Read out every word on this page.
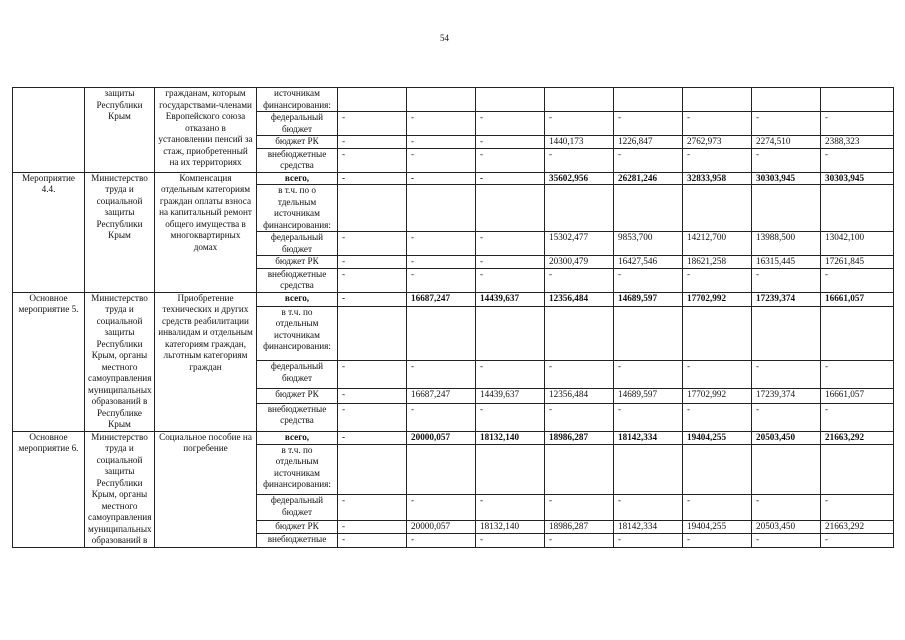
54
	защиты Республики Крым	гражданам, которым государствами-членами Европейского союза отказано в установлении пенсий за стаж, приобретенный на их территориях	источникам финансирования:								
			федеральный бюджет	-	-	-	-	-	-	-	-
			бюджет РК	-	-	-	1440,173	1226,847	2762,973	2274,510	2388,323
			внебюджетные средства	-	-	-	-	-	-	-	-
Мероприятие 4.4.	Министерство труда и социальной защиты Республики Крым	Компенсация отдельным категориям граждан оплаты взноса на капитальный ремонт общего имущества в многоквартирных домах	всего,	-	-	-	35602,956	26281,246	32833,958	30303,945	30303,945
			в т.ч. по о тдельным источникам финансирования:								
			федеральный бюджет	-	-	-	15302,477	9853,700	14212,700	13988,500	13042,100
			бюджет РК	-	-	-	20300,479	16427,546	18621,258	16315,445	17261,845
			внебюджетные средства	-	-	-	-	-	-	-	-
Основное мероприятие 5.	Министерство труда и социальной защиты Республики Крым, органы местного самоуправления муниципальных образований в Республике Крым	Приобретение технических и других средств реабилитации инвалидам и отдельным категориям граждан, льготным категориям граждан	всего,	-	16687,247	14439,637	12356,484	14689,597	17702,992	17239,374	16661,057
			в т.ч. по отдельным источникам финансирования:								
			федеральный бюджет	-	-	-	-	-	-	-	-
			бюджет РК	-	16687,247	14439,637	12356,484	14689,597	17702,992	17239,374	16661,057
			внебюджетные средства	-	-	-	-	-	-	-	-
Основное мероприятие 6.	Министерство труда и социальной защиты Республики Крым, органы местного самоуправления муниципальных образований в	Социальное пособие на погребение	всего,	-	20000,057	18132,140	18986,287	18142,334	19404,255	20503,450	21663,292
			в т.ч. по отдельным источникам финансирования:								
			федеральный бюджет	-	-	-	-	-	-	-	-
			бюджет РК	-	20000,057	18132,140	18986,287	18142,334	19404,255	20503,450	21663,292
			внебюджетные	-	-	-	-	-	-	-	-
